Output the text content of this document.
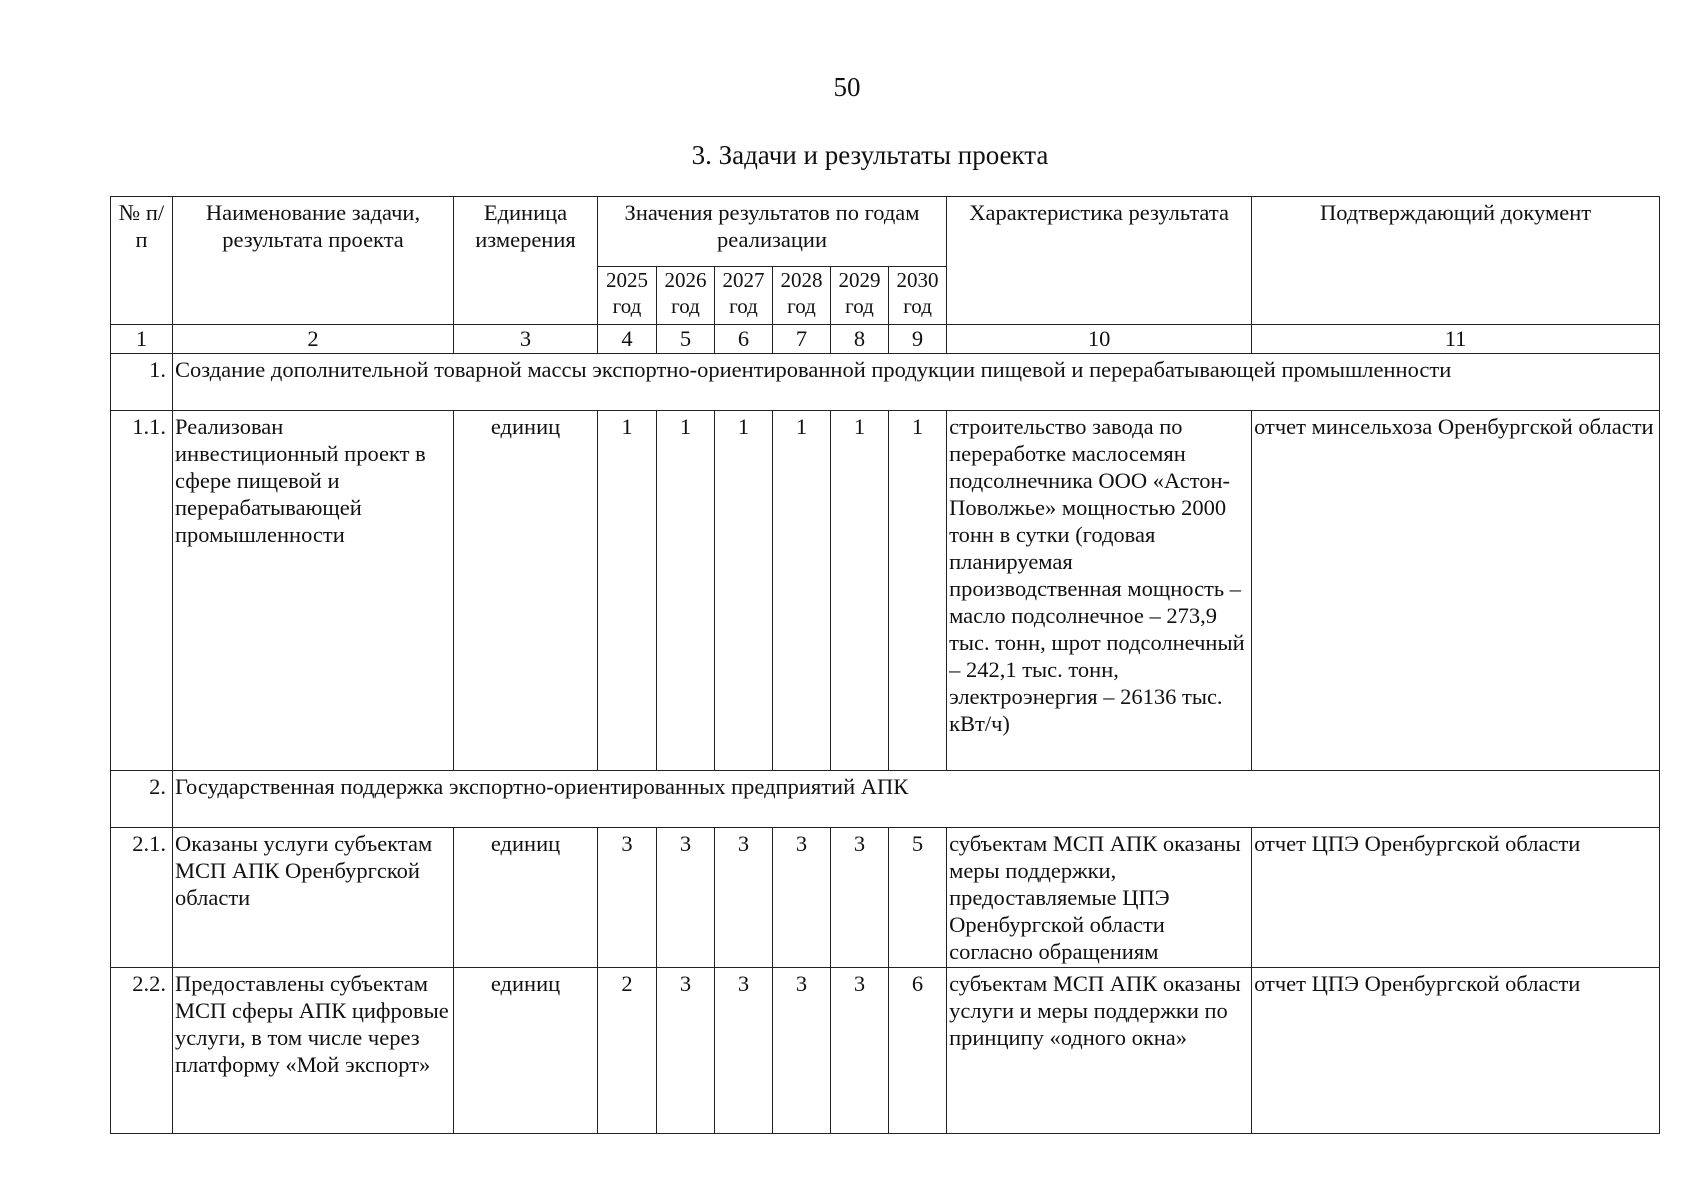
50
3. Задачи и результаты проекта
№ п/п	Наименование задачи, результата проекта	Единица измерения	Значения результатов по годам реализации						Характеристика результата	Подтверждающий документ
			2025 год	2026 год	2027 год	2028 год	2029 год	2030 год		
1	2	3	4	5	6	7	8	9	10	11
1.	Создание дополнительной товарной массы экспортно-ориентированной продукции пищевой и перерабатывающей промышленности									
1.1.	Реализован инвестиционный проект в сфере пищевой и перерабатывающей промышленности	единиц	1	1	1	1	1	1	строительство завода по переработке маслосемян подсолнечника ООО «Астон-Поволжье» мощностью 2000 тонн в сутки (годовая планируемая производственная мощность – масло подсолнечное – 273,9 тыс. тонн, шрот подсолнечный – 242,1 тыс. тонн, электроэнергия – 26136 тыс. кВт/ч)	отчет минсельхоза Оренбургской области
2.	Государственная поддержка экспортно-ориентированных предприятий АПК									
2.1.	Оказаны услуги субъектам МСП АПК Оренбургской области	единиц	3	3	3	3	3	5	субъектам МСП АПК оказаны меры поддержки, предоставляемые ЦПЭ Оренбургской области согласно обращениям	отчет ЦПЭ Оренбургской области
2.2.	Предоставлены субъектам МСП сферы АПК цифровые услуги, в том числе через платформу «Мой экспорт»	единиц	2	3	3	3	3	6	субъектам МСП АПК оказаны услуги и меры поддержки по принципу «одного окна»	отчет ЦПЭ Оренбургской области
